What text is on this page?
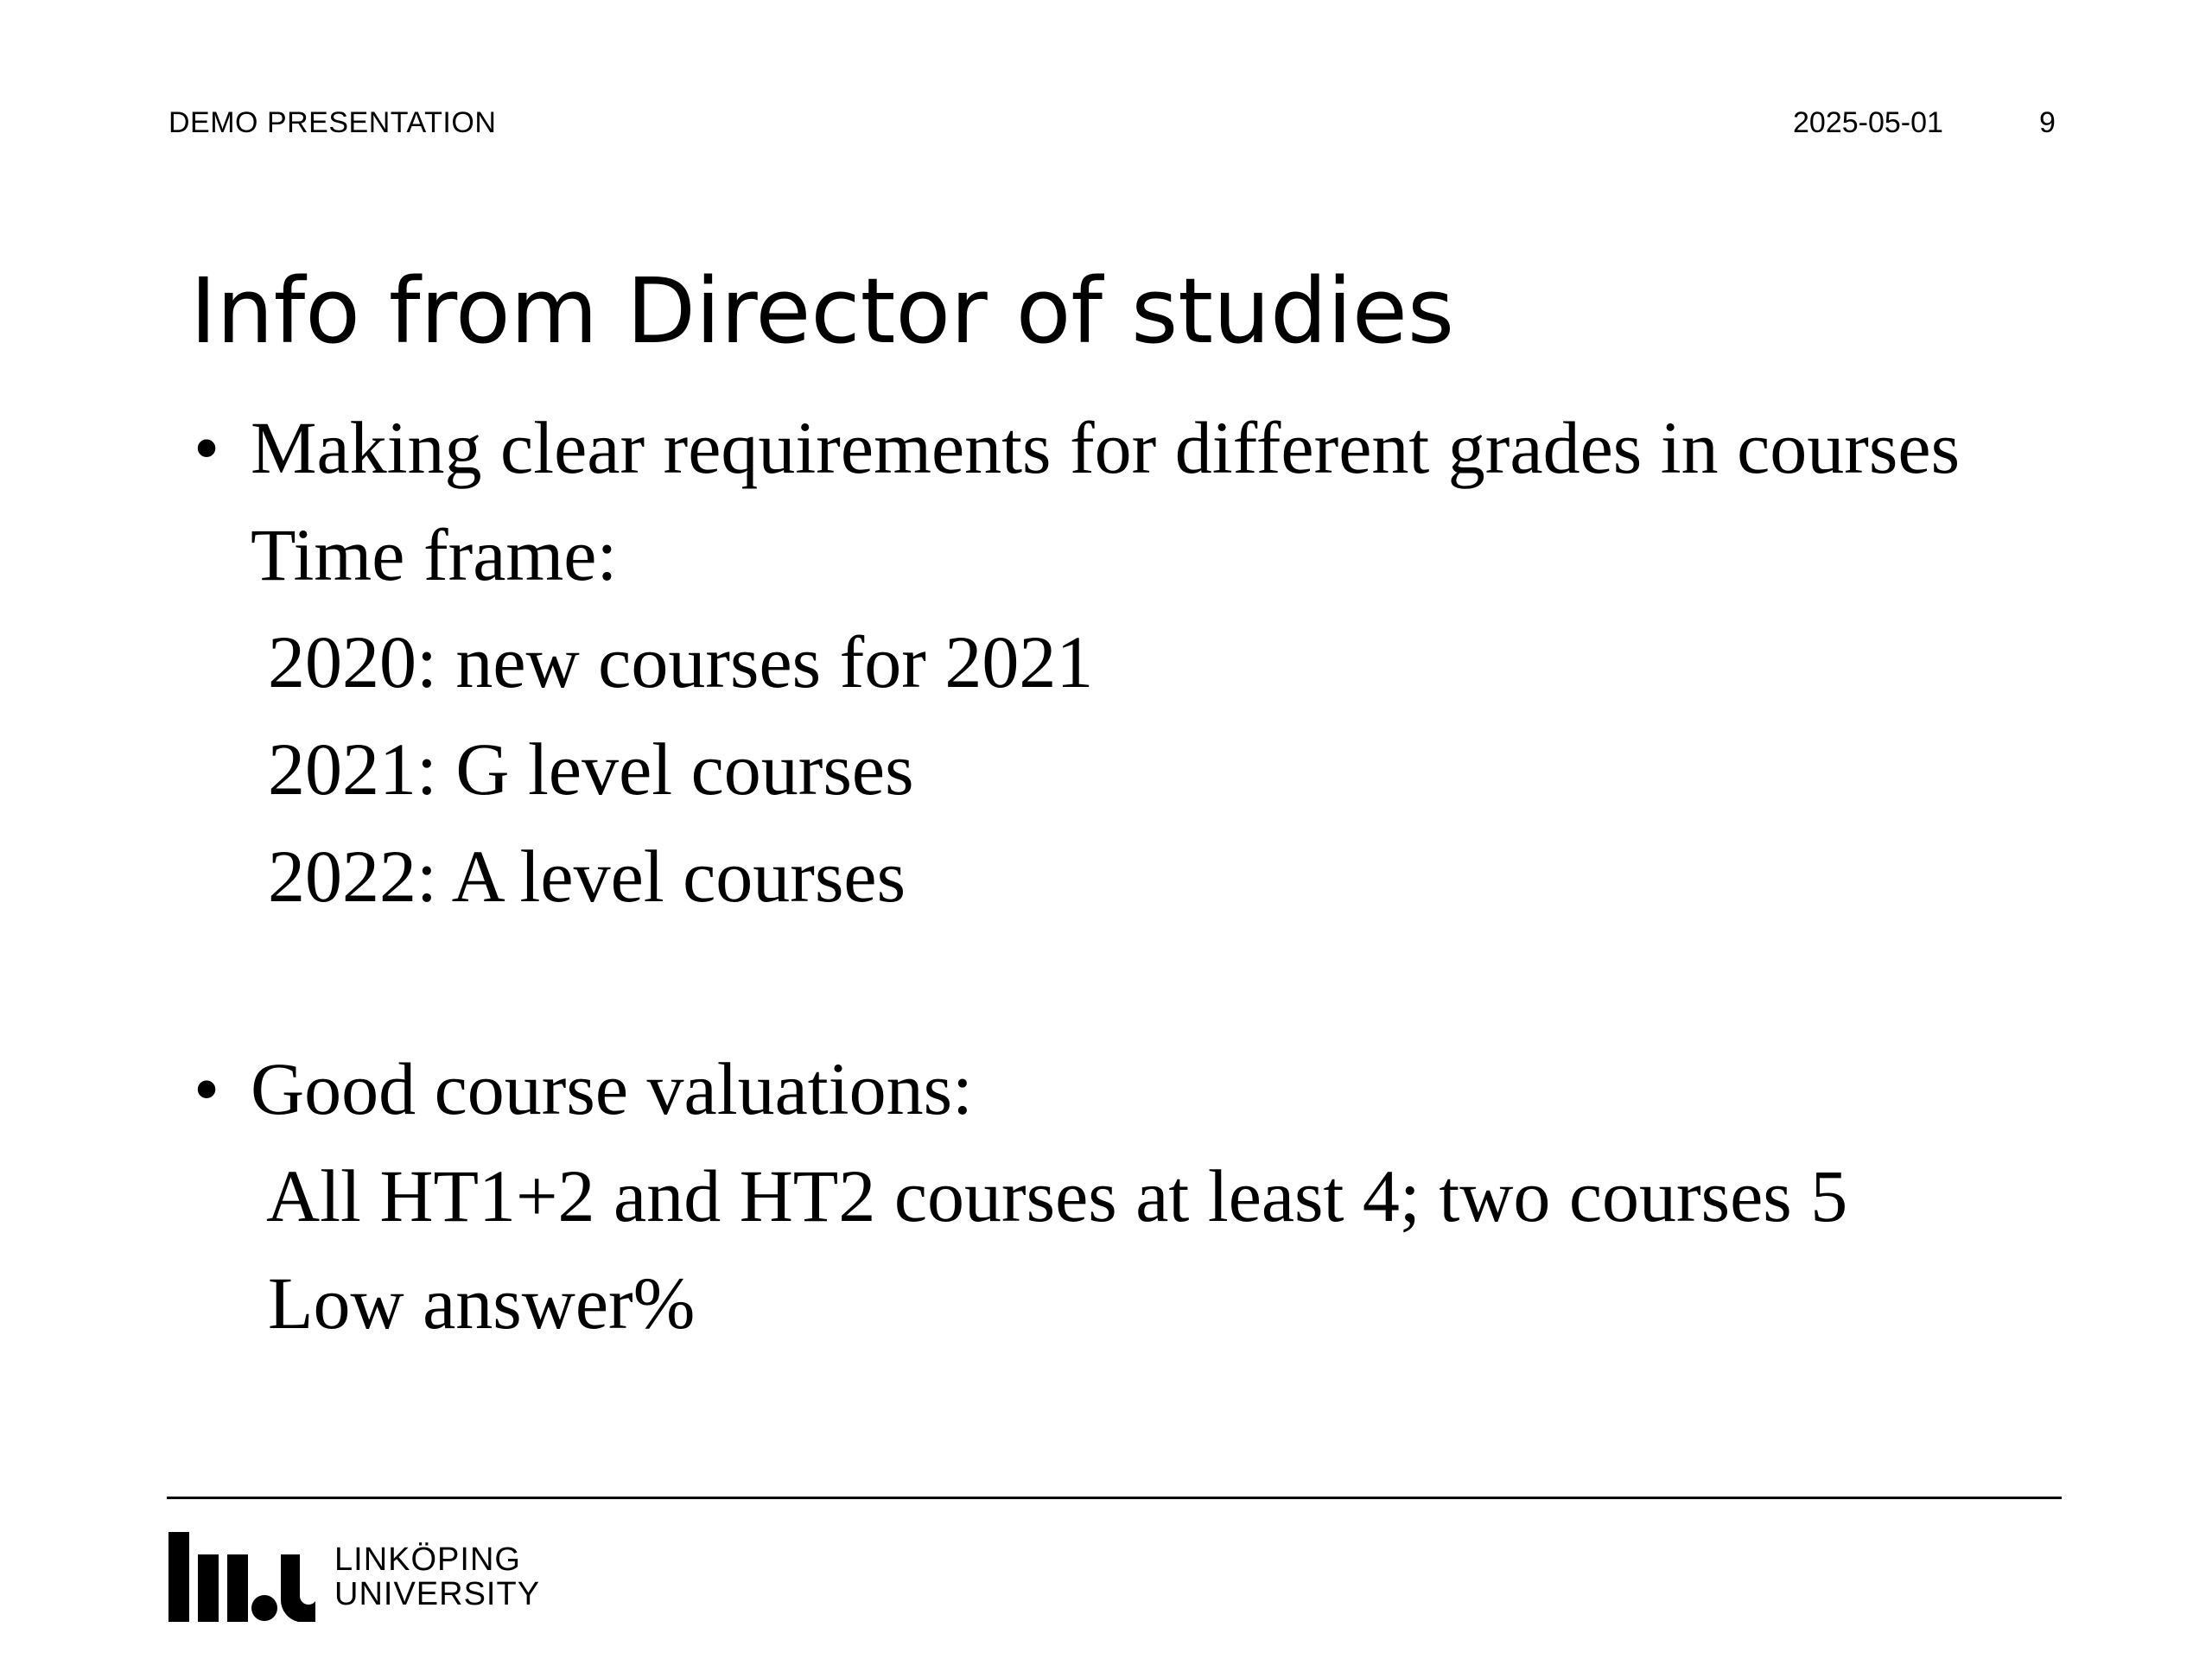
DEMO PRESENTATION	2025-05-01	9
Info from Director of studies
• Making clear requirements for different grades in courses
Time frame:
2020: new courses for 2021
2021: G level courses
2022: A level courses
• Good course valuations:
All HT1+2 and HT2 courses at least 4; two courses 5
Low answer%
LINKÖPING
UNIVERSITY
